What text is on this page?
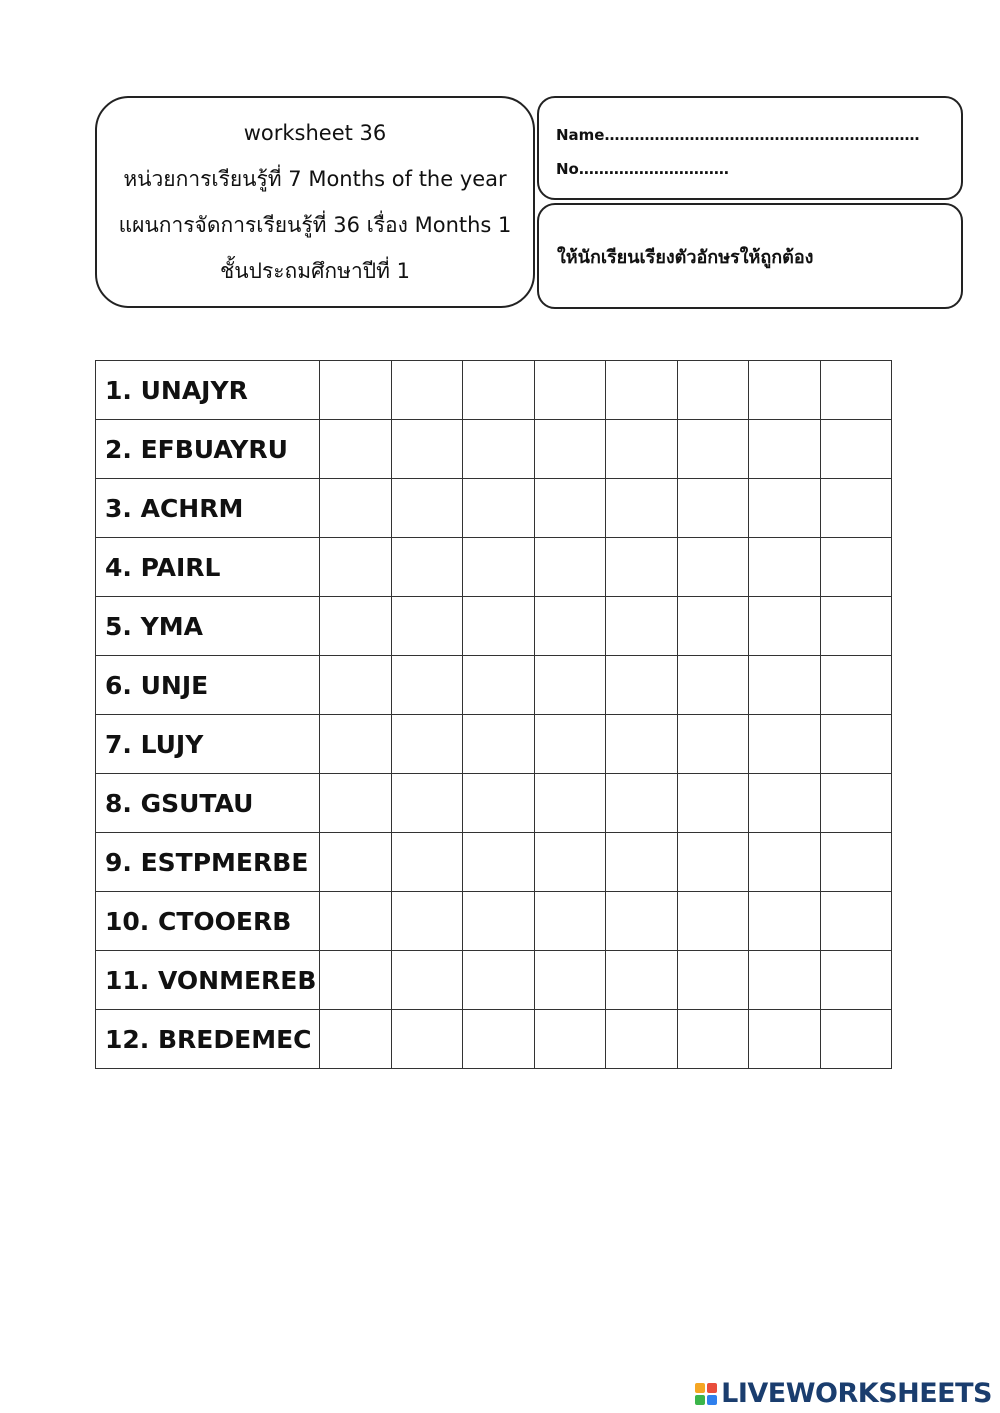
worksheet 36
หน่วยการเรียนรู้ที่ 7 Months of the year
แผนการจัดการเรียนรู้ที่ 36 เรื่อง Months 1
ชั้นประถมศึกษาปีที่ 1
Name………………………………………………………
No…………………………
ให้นักเรียนเรียงตัวอักษรให้ถูกต้อง
1. UNAJYR								
2. EFBUAYRU								
3. ACHRM								
4. PAIRL								
5. YMA								
6. UNJE								
7. LUJY								
8. GSUTAU								
9. ESTPMERBE								
10. CTOOERB								
11. VONMEREB								
12. BREDEMEC								
LIVEWORKSHEETS
